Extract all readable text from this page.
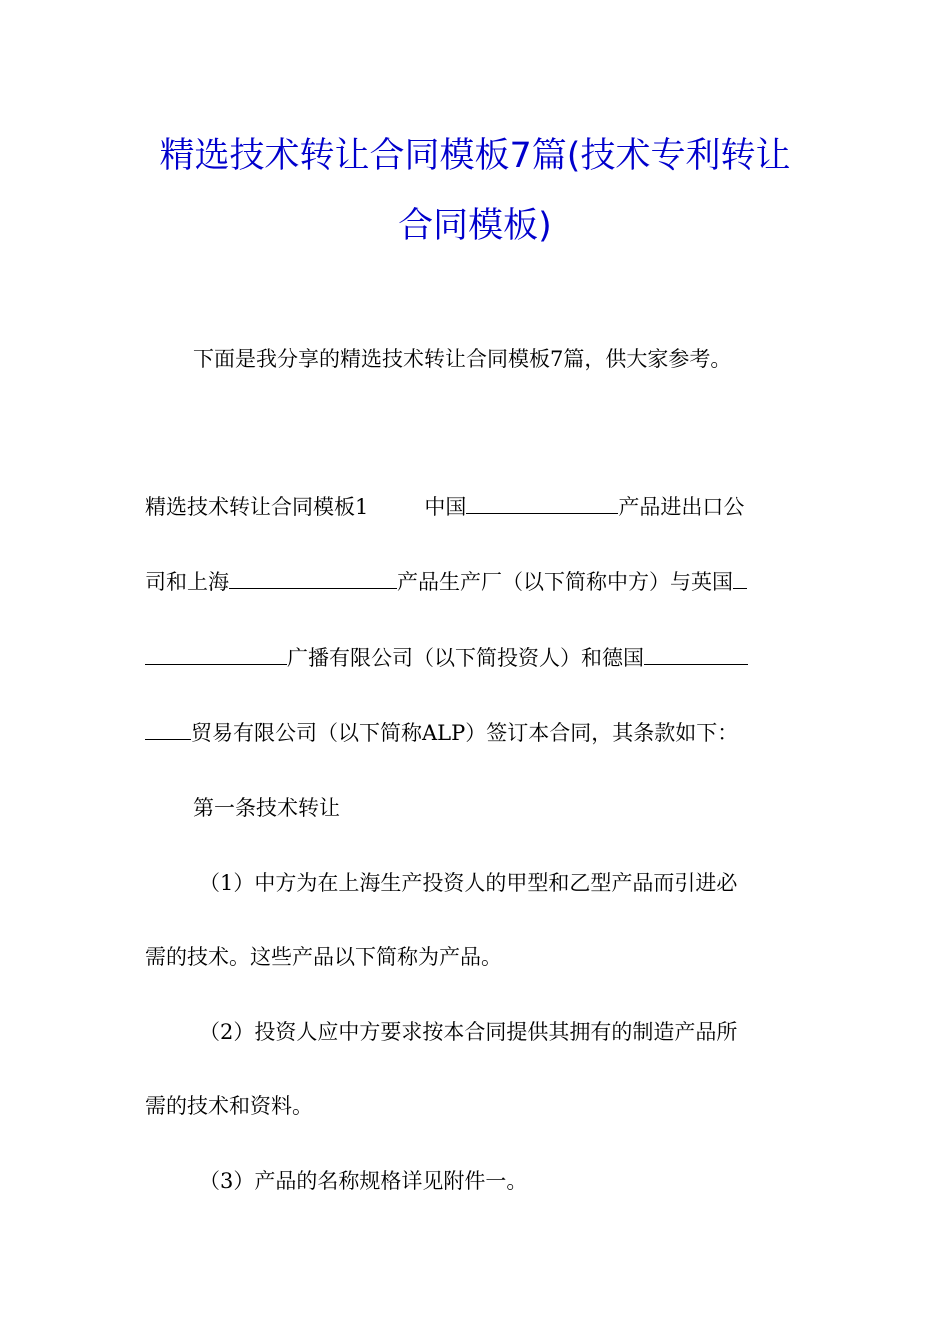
精选技术转让合同模板7篇(技术专利转让
合同模板)
下面是我分享的精选技术转让合同模板7篇，供大家参考。
精选技术转让合同模板1	中国	产品进出口公
司和上海	产品生产厂（以下简称中方）与英国
广播有限公司（以下简投资人）和德国
贸易有限公司（以下简称ALP）签订本合同，其条款如下：
第一条技术转让
（1）中方为在上海生产投资人的甲型和乙型产品而引进必
需的技术。这些产品以下简称为产品。
（2）投资人应中方要求按本合同提供其拥有的制造产品所
需的技术和资料。
（3）产品的名称规格详见附件一。
